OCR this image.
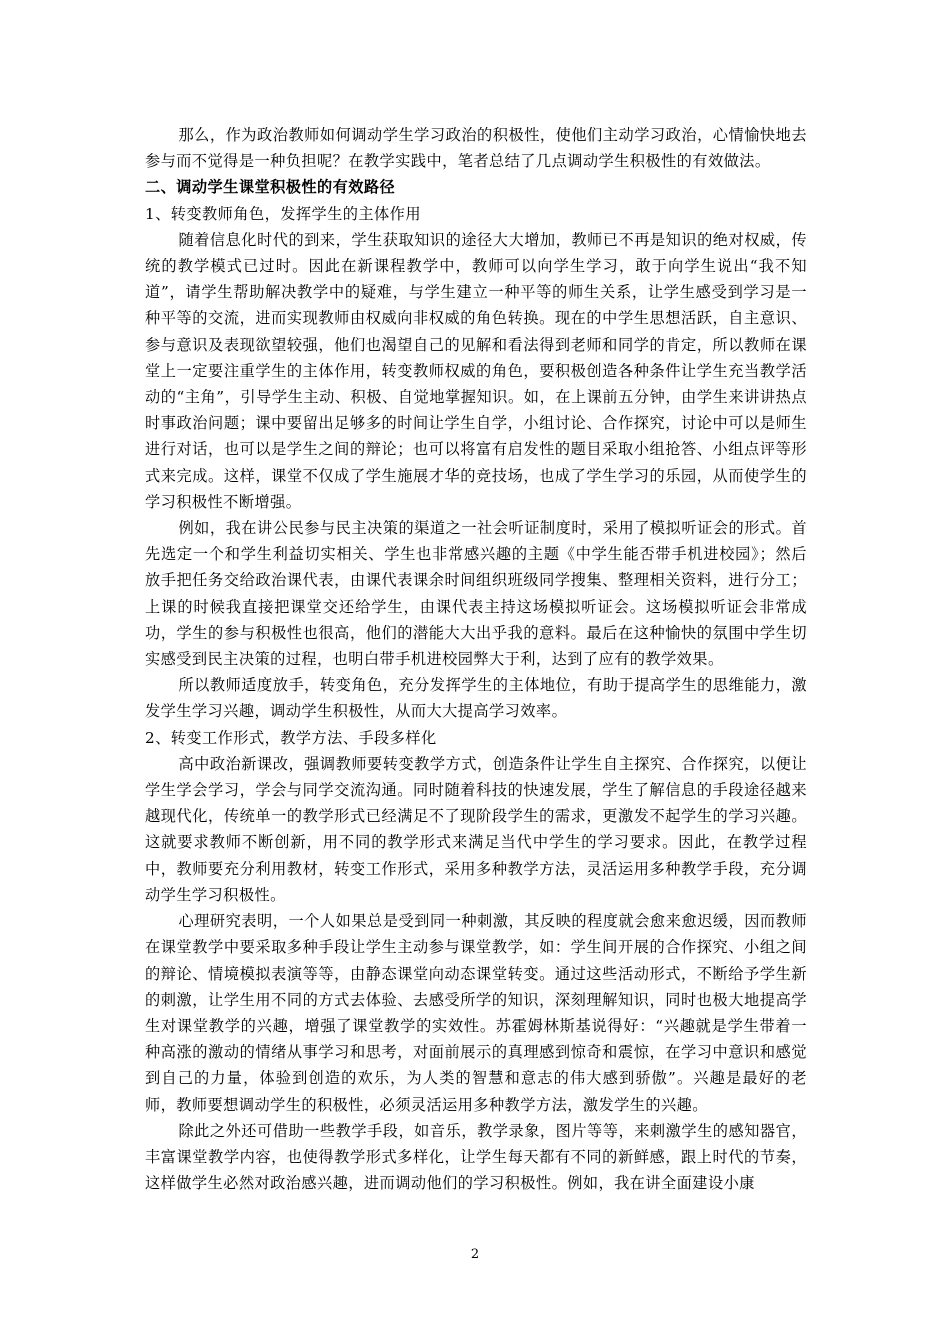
那么，作为政治教师如何调动学生学习政治的积极性，使他们主动学习政治，心情愉快地去参与而不觉得是一种负担呢？在教学实践中，笔者总结了几点调动学生积极性的有效做法。

二、调动学生课堂积极性的有效路径

1、转变教师角色，发挥学生的主体作用

随着信息化时代的到来，学生获取知识的途径大大增加，教师已不再是知识的绝对权威，传统的教学模式已过时。因此在新课程教学中，教师可以向学生学习，敢于向学生说出“我不知道”，请学生帮助解决教学中的疑难，与学生建立一种平等的师生关系，让学生感受到学习是一种平等的交流，进而实现教师由权威向非权威的角色转换。现在的中学生思想活跃，自主意识、参与意识及表现欲望较强，他们也渴望自己的见解和看法得到老师和同学的肯定，所以教师在课堂上一定要注重学生的主体作用，转变教师权威的角色，要积极创造各种条件让学生充当教学活动的“主角”，引导学生主动、积极、自觉地掌握知识。如，在上课前五分钟，由学生来讲讲热点时事政治问题；课中要留出足够多的时间让学生自学，小组讨论、合作探究，讨论中可以是师生进行对话，也可以是学生之间的辩论；也可以将富有启发性的题目采取小组抢答、小组点评等形式来完成。这样，课堂不仅成了学生施展才华的竞技场，也成了学生学习的乐园，从而使学生的学习积极性不断增强。

例如，我在讲公民参与民主决策的渠道之一社会听证制度时，采用了模拟听证会的形式。首先选定一个和学生利益切实相关、学生也非常感兴趣的主题《中学生能否带手机进校园》；然后放手把任务交给政治课代表，由课代表课余时间组织班级同学搜集、整理相关资料，进行分工；上课的时候我直接把课堂交还给学生，由课代表主持这场模拟听证会。这场模拟听证会非常成功，学生的参与积极性也很高，他们的潜能大大出乎我的意料。最后在这种愉快的氛围中学生切实感受到民主决策的过程，也明白带手机进校园弊大于利，达到了应有的教学效果。

所以教师适度放手，转变角色，充分发挥学生的主体地位，有助于提高学生的思维能力，激发学生学习兴趣，调动学生积极性，从而大大提高学习效率。

2、转变工作形式，教学方法、手段多样化

高中政治新课改，强调教师要转变教学方式，创造条件让学生自主探究、合作探究，以便让学生学会学习，学会与同学交流沟通。同时随着科技的快速发展，学生了解信息的手段途径越来越现代化，传统单一的教学形式已经满足不了现阶段学生的需求，更激发不起学生的学习兴趣。这就要求教师不断创新，用不同的教学形式来满足当代中学生的学习要求。因此，在教学过程中，教师要充分利用教材，转变工作形式，采用多种教学方法，灵活运用多种教学手段，充分调动学生学习积极性。

心理研究表明，一个人如果总是受到同一种刺激，其反映的程度就会愈来愈迟缓，因而教师在课堂教学中要采取多种手段让学生主动参与课堂教学，如：学生间开展的合作探究、小组之间的辩论、情境模拟表演等等，由静态课堂向动态课堂转变。通过这些活动形式，不断给予学生新的刺激，让学生用不同的方式去体验、去感受所学的知识，深刻理解知识，同时也极大地提高学生对课堂教学的兴趣，增强了课堂教学的实效性。苏霍姆林斯基说得好：“兴趣就是学生带着一种高涨的激动的情绪从事学习和思考，对面前展示的真理感到惊奇和震惊，在学习中意识和感觉到自己的力量，体验到创造的欢乐，为人类的智慧和意志的伟大感到骄傲”。兴趣是最好的老师，教师要想调动学生的积极性，必须灵活运用多种教学方法，激发学生的兴趣。

除此之外还可借助一些教学手段，如音乐，教学录象，图片等等，来刺激学生的感知器官，丰富课堂教学内容，也使得教学形式多样化，让学生每天都有不同的新鲜感，跟上时代的节奏，这样做学生必然对政治感兴趣，进而调动他们的学习积极性。例如，我在讲全面建设小康

2
